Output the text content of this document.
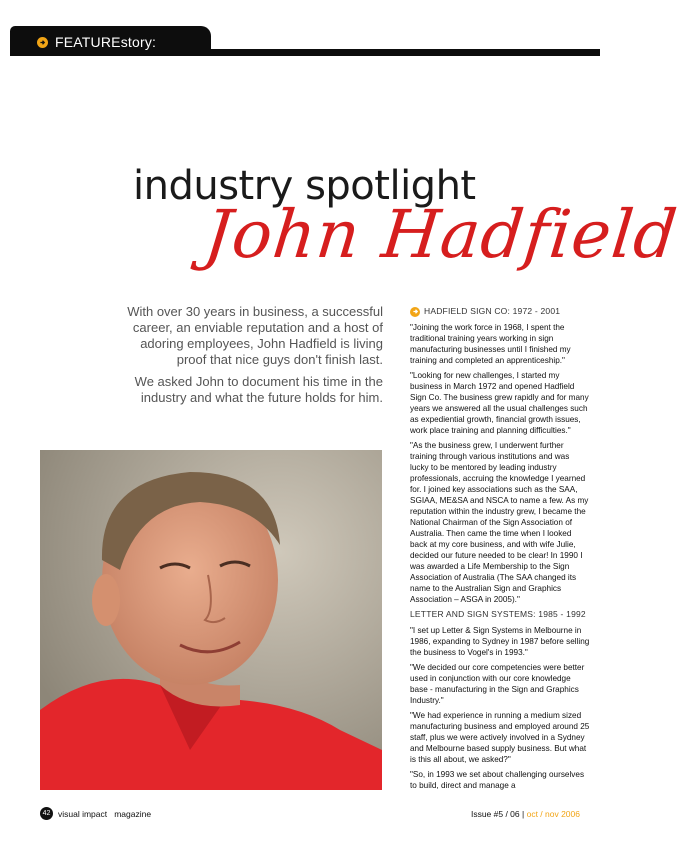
FEATUREstory:
industry spotlight
John Hadfield

With over 30 years in business, a successful career, an enviable reputation and a host of adoring employees, John Hadfield is living proof that nice guys don't finish last.

We asked John to document his time in the industry and what the future holds for him.

HADFIELD SIGN CO: 1972 - 2001

"Joining the work force in 1968, I spent the traditional training years working in sign manufacturing businesses until I finished my training and completed an apprenticeship."

"Looking for new challenges, I started my business in March 1972 and opened Hadfield Sign Co. The business grew rapidly and for many years we answered all the usual challenges such as expediential growth, financial growth issues, work place training and planning difficulties."

"As the business grew, I underwent further training through various institutions and was lucky to be mentored by leading industry professionals, accruing the knowledge I yearned for. I joined key associations such as the SAA, SGIAA, ME&SA and NSCA to name a few. As my reputation within the industry grew, I became the National Chairman of the Sign Association of Australia. Then came the time when I looked back at my core business, and with wife Julie, decided our future needed to be clear! In 1990 I was awarded a Life Membership to the Sign Association of Australia (The SAA changed its name to the Australian Sign and Graphics Association – ASGA in 2005)."

LETTER AND SIGN SYSTEMS: 1985 - 1992

"I set up Letter & Sign Systems in Melbourne in 1986, expanding to Sydney in 1987 before selling the business to Vogel's in 1993."

"We decided our core competencies were better used in conjunction with our core knowledge base - manufacturing in the Sign and Graphics Industry."

"We had experience in running a medium sized manufacturing business and employed around 25 staff, plus we were actively involved in a Sydney and Melbourne based supply business. But what is this all about, we asked?"

"So, in 1993 we set about challenging ourselves to build, direct and manage a

42 visual impact   magazine	Issue #5 / 06 | oct / nov 2006
